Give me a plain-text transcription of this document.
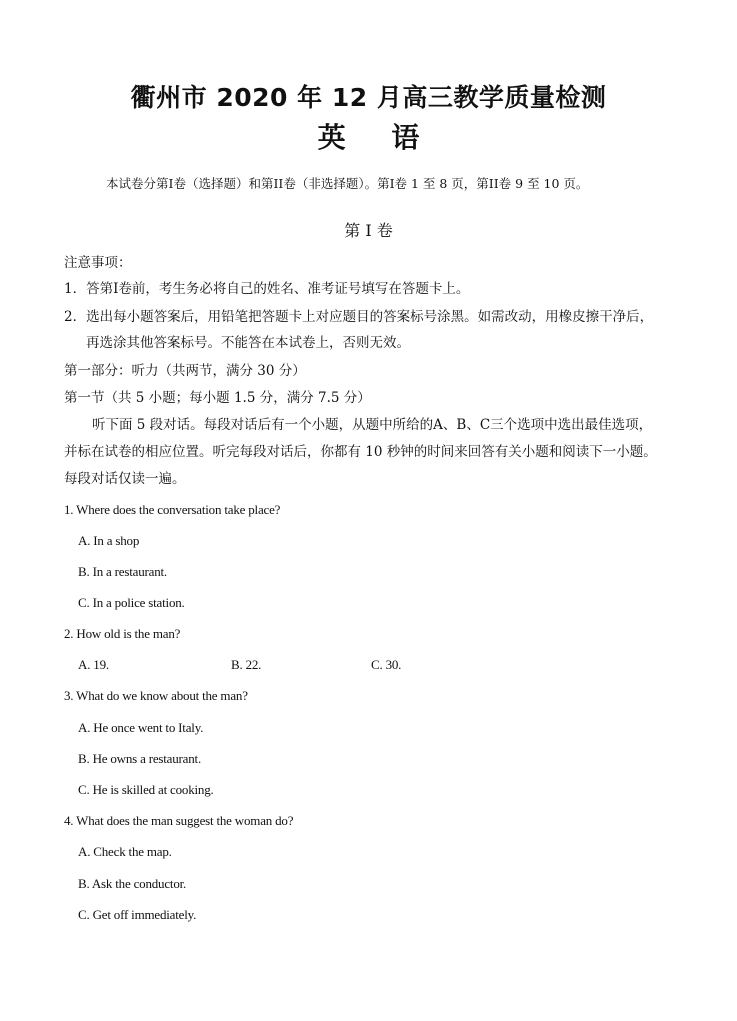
衢州市 2020 年 12 月高三教学质量检测
英 语
本试卷分第I卷（选择题）和第II卷（非选择题）。第I卷 1 至 8 页，第II卷 9 至 10 页。
第 I 卷
注意事项：
1．答第I卷前，考生务必将自己的姓名、准考证号填写在答题卡上。
2．选出每小题答案后，用铅笔把答题卡上对应题目的答案标号涂黑。如需改动，用橡皮擦干净后，
再选涂其他答案标号。不能答在本试卷上，否则无效。
第一部分：听力（共两节，满分 30 分）
第一节（共 5 小题；每小题 1.5 分，满分 7.5 分）
听下面 5 段对话。每段对话后有一个小题，从题中所给的A、B、C三个选项中选出最佳选项，
并标在试卷的相应位置。听完每段对话后，你都有 10 秒钟的时间来回答有关小题和阅读下一小题。
每段对话仅读一遍。
1. Where does the conversation take place?
A. In a shop
B. In a restaurant.
C. In a police station.
2. How old is the man?
A. 19.	B. 22.	C. 30.
3. What do we know about the man?
A. He once went to Italy.
B. He owns a restaurant.
C. He is skilled at cooking.
4. What does the man suggest the woman do?
A. Check the map.
B. Ask the conductor.
C. Get off immediately.
